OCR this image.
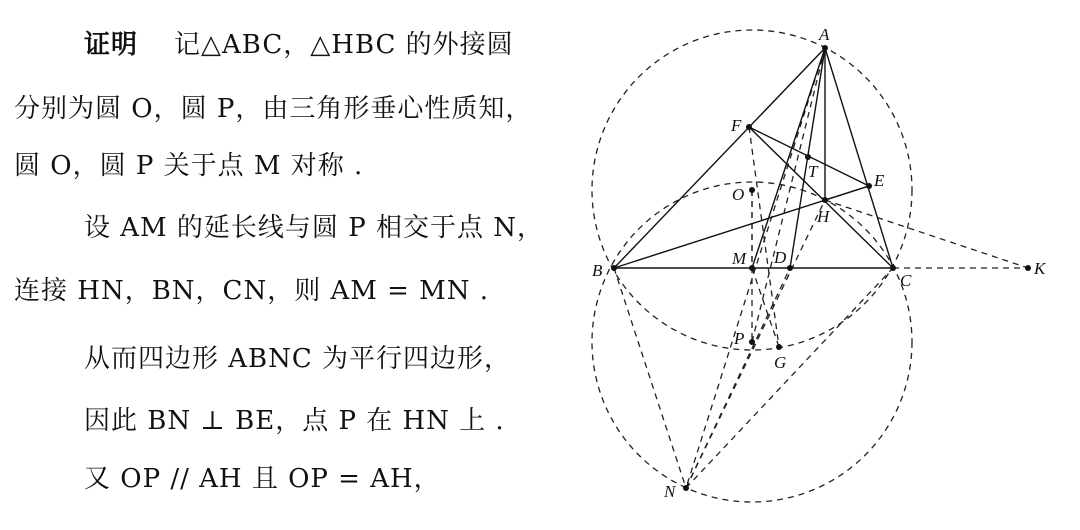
证明 记△ABC，△HBC 的外接圆
分别为圆 O，圆 P，由三角形垂心性质知，
圆 O，圆 P 关于点 M 对称 .
设 AM 的延长线与圆 P 相交于点 N，
连接 HN，BN，CN，则 AM = MN .
从而四边形 ABNC 为平行四边形，
因此 BN ⊥ BE，点 P 在 HN 上 .
又 OP // AH 且 OP = AH，
A
B
C
D
E
F
G
H
K
M
N
O
P
T
